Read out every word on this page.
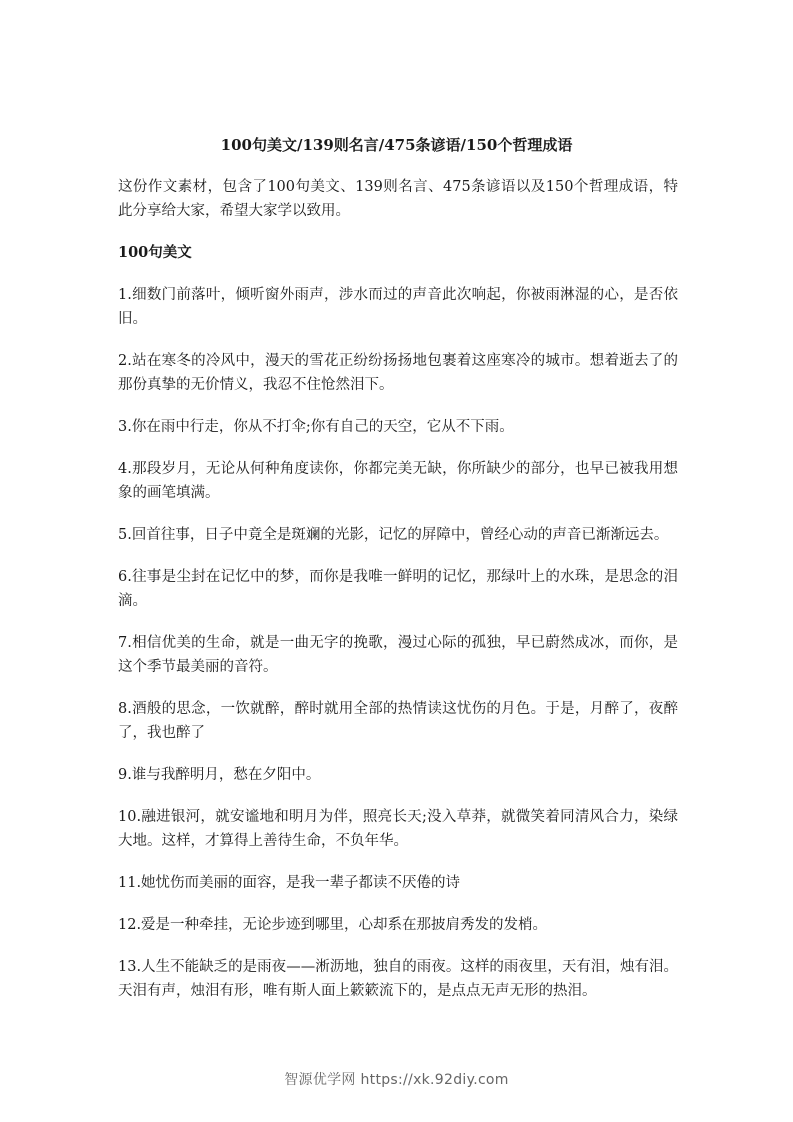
100句美文/139则名言/475条谚语/150个哲理成语

这份作文素材，包含了100句美文、139则名言、475条谚语以及150个哲理成语，特此分享给大家，希望大家学以致用。

100句美文

1.细数门前落叶，倾听窗外雨声，涉水而过的声音此次响起，你被雨淋湿的心，是否依旧。

2.站在寒冬的冷风中，漫天的雪花正纷纷扬扬地包裹着这座寒冷的城市。想着逝去了的那份真挚的无价情义，我忍不住怆然泪下。

3.你在雨中行走，你从不打伞;你有自己的天空，它从不下雨。

4.那段岁月，无论从何种角度读你，你都完美无缺，你所缺少的部分，也早已被我用想象的画笔填满。

5.回首往事，日子中竟全是斑斓的光影，记忆的屏障中，曾经心动的声音已渐渐远去。

6.往事是尘封在记忆中的梦，而你是我唯一鲜明的记忆，那绿叶上的水珠，是思念的泪滴。

7.相信优美的生命，就是一曲无字的挽歌，漫过心际的孤独，早已蔚然成冰，而你，是这个季节最美丽的音符。

8.酒般的思念，一饮就醉，醉时就用全部的热情读这忧伤的月色。于是，月醉了，夜醉了，我也醉了

9.谁与我醉明月，愁在夕阳中。

10.融进银河，就安谧地和明月为伴，照亮长天;没入草莽，就微笑着同清风合力，染绿大地。这样，才算得上善待生命，不负年华。

11.她忧伤而美丽的面容，是我一辈子都读不厌倦的诗

12.爱是一种牵挂，无论步迹到哪里，心却系在那披肩秀发的发梢。

13.人生不能缺乏的是雨夜——淅沥地，独自的雨夜。这样的雨夜里，天有泪，烛有泪。天泪有声，烛泪有形，唯有斯人面上簌簌流下的，是点点无声无形的热泪。

智源优学网 https://xk.92diy.com
